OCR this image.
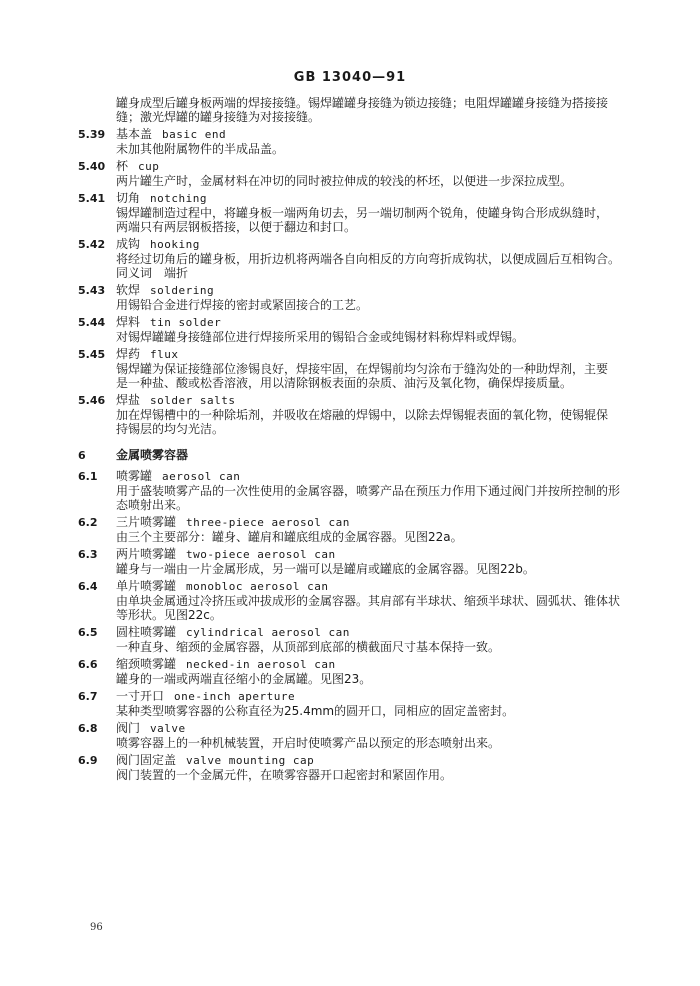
GB 13040—91
罐身成型后罐身板两端的焊接接缝。锡焊罐罐身接缝为锁边接缝；电阻焊罐罐身接缝为搭接接
缝；激光焊罐的罐身接缝为对接接缝。
5.39 基本盖 basic end
未加其他附属物件的半成品盖。
5.40 杯 cup
两片罐生产时，金属材料在冲切的同时被拉伸成的较浅的杯坯，以便进一步深拉成型。
5.41 切角 notching
锡焊罐制造过程中，将罐身板一端两角切去，另一端切制两个锐角，使罐身钩合形成纵缝时，
两端只有两层钢板搭接，以便于翻边和封口。
5.42 成钩 hooking
将经过切角后的罐身板，用折边机将两端各自向相反的方向弯折成钩状，以便成圆后互相钩合。
同义词　端折
5.43 软焊 soldering
用锡铅合金进行焊接的密封或紧固接合的工艺。
5.44 焊料 tin solder
对锡焊罐罐身接缝部位进行焊接所采用的锡铅合金或纯锡材料称焊料或焊锡。
5.45 焊药 flux
锡焊罐为保证接缝部位渗锡良好，焊接牢固，在焊锡前均匀涂布于缝沟处的一种助焊剂，主要
是一种盐、酸或松香溶液，用以清除钢板表面的杂质、油污及氧化物，确保焊接质量。
5.46 焊盐 solder salts
加在焊锡槽中的一种除垢剂，并吸收在熔融的焊锡中，以除去焊锡辊表面的氧化物，使锡辊保
持锡层的均匀光洁。
6	金属喷雾容器
6.1	喷雾罐 aerosol can
用于盛装喷雾产品的一次性使用的金属容器，喷雾产品在预压力作用下通过阀门并按所控制的形
态喷射出来。
6.2	三片喷雾罐 three-piece aerosol can
由三个主要部分：罐身、罐肩和罐底组成的金属容器。见图22a。
6.3	两片喷雾罐 two-piece aerosol can
罐身与一端由一片金属形成，另一端可以是罐肩或罐底的金属容器。见图22b。
6.4	单片喷雾罐 monobloc aerosol can
由单块金属通过冷挤压或冲拔成形的金属容器。其肩部有半球状、缩颈半球状、圆弧状、锥体状
等形状。见图22c。
6.5	圆柱喷雾罐 cylindrical aerosol can
一种直身、缩颈的金属容器，从顶部到底部的横截面尺寸基本保持一致。
6.6	缩颈喷雾罐 necked-in aerosol can
罐身的一端或两端直径缩小的金属罐。见图23。
6.7	一寸开口 one-inch aperture
某种类型喷雾容器的公称直径为25.4mm的圆开口，同相应的固定盖密封。
6.8	阀门 valve
喷雾容器上的一种机械装置，开启时使喷雾产品以预定的形态喷射出来。
6.9	阀门固定盖 valve mounting cap
阀门装置的一个金属元件，在喷雾容器开口起密封和紧固作用。
96
